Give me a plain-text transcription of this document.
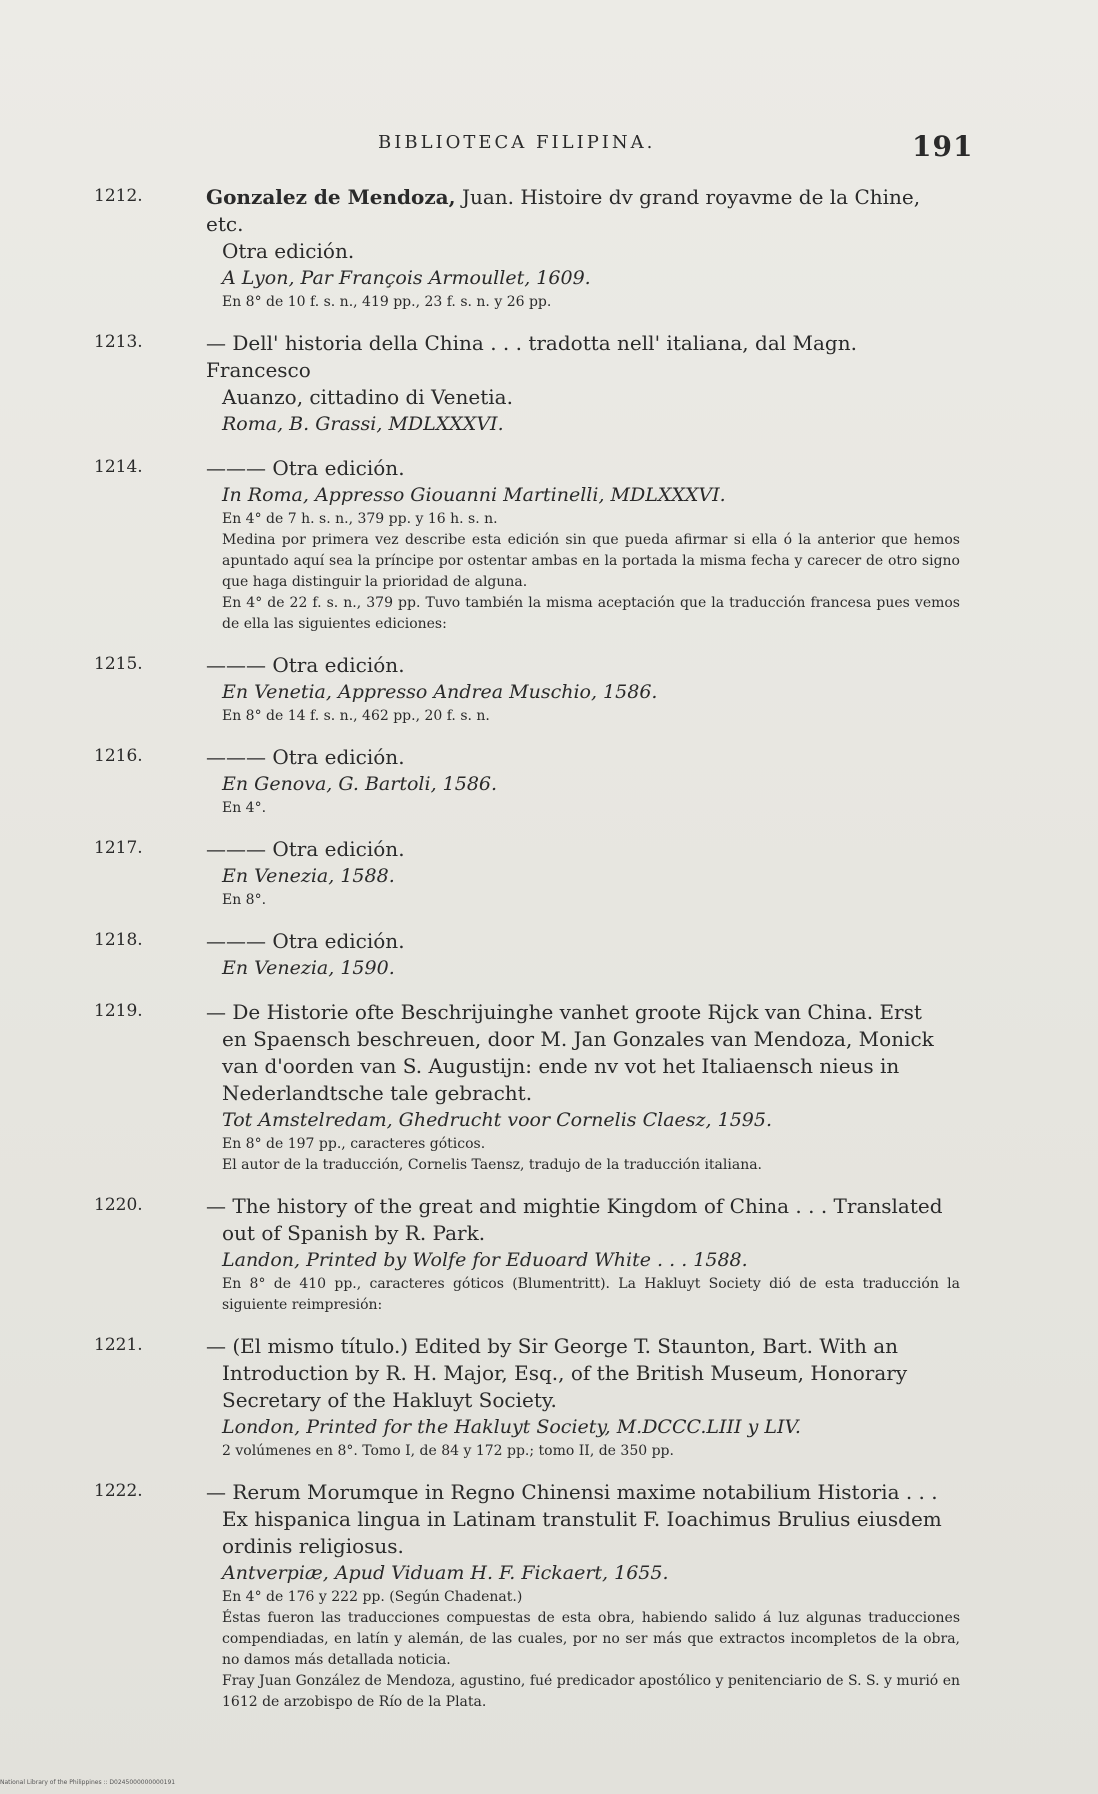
BIBLIOTECA FILIPINA.	191
1212.	Gonzalez de Mendoza, Juan. Histoire dv grand royavme de la Chine, etc.
Otra edición.
A Lyon, Par François Armoullet, 1609.
En 8° de 10 f. s. n., 419 pp., 23 f. s. n. y 26 pp.
1213.	— Dell' historia della China . . . tradotta nell' italiana, dal Magn. Francesco
Auanzo, cittadino di Venetia.
Roma, B. Grassi, MDLXXXVI.
1214.	——— Otra edición.
In Roma, Appresso Giouanni Martinelli, MDLXXXVI.
En 4° de 7 h. s. n., 379 pp. y 16 h. s. n.
Medina por primera vez describe esta edición sin que pueda afirmar si ella ó la anterior que hemos apuntado aquí sea la príncipe por ostentar ambas en la portada la misma fecha y carecer de otro signo que haga distinguir la prioridad de alguna.
En 4° de 22 f. s. n., 379 pp. Tuvo también la misma aceptación que la traducción francesa pues vemos de ella las siguientes ediciones:
1215.	——— Otra edición.
En Venetia, Appresso Andrea Muschio, 1586.
En 8° de 14 f. s. n., 462 pp., 20 f. s. n.
1216.	——— Otra edición.
En Genova, G. Bartoli, 1586.
En 4°.
1217.	——— Otra edición.
En Venezia, 1588.
En 8°.
1218.	——— Otra edición.
En Venezia, 1590.
1219.	— De Historie ofte Beschrijuinghe vanhet groote Rijck van China. Erst
en Spaensch beschreuen, door M. Jan Gonzales van Mendoza, Monick
van d'oorden van S. Augustijn: ende nv vot het Italiaensch nieus in
Nederlandtsche tale gebracht.
Tot Amstelredam, Ghedrucht voor Cornelis Claesz, 1595.
En 8° de 197 pp., caracteres góticos.
El autor de la traducción, Cornelis Taensz, tradujo de la traducción italiana.
1220.	— The history of the great and mightie Kingdom of China . . . Translated
out of Spanish by R. Park.
Landon, Printed by Wolfe for Eduoard White . . . 1588.
En 8° de 410 pp., caracteres góticos (Blumentritt). La Hakluyt Society dió de esta traducción la siguiente reimpresión:
1221.	— (El mismo título.) Edited by Sir George T. Staunton, Bart. With an
Introduction by R. H. Major, Esq., of the British Museum, Honorary
Secretary of the Hakluyt Society.
London, Printed for the Hakluyt Society, M.DCCC.LIII y LIV.
2 volúmenes en 8°. Tomo I, de 84 y 172 pp.; tomo II, de 350 pp.
1222.	— Rerum Morumque in Regno Chinensi maxime notabilium Historia . . .
Ex hispanica lingua in Latinam transtulit F. Ioachimus Brulius eiusdem
ordinis religiosus.
Antverpiæ, Apud Viduam H. F. Fickaert, 1655.
En 4° de 176 y 222 pp. (Según Chadenat.)
Éstas fueron las traducciones compuestas de esta obra, habiendo salido á luz algunas traducciones compendiadas, en latín y alemán, de las cuales, por no ser más que extractos incompletos de la obra, no damos más detallada noticia.
Fray Juan González de Mendoza, agustino, fué predicador apostólico y penitenciario de S. S. y murió en 1612 de arzobispo de Río de la Plata.
National Library of the Philippines :: D0245000000000191
